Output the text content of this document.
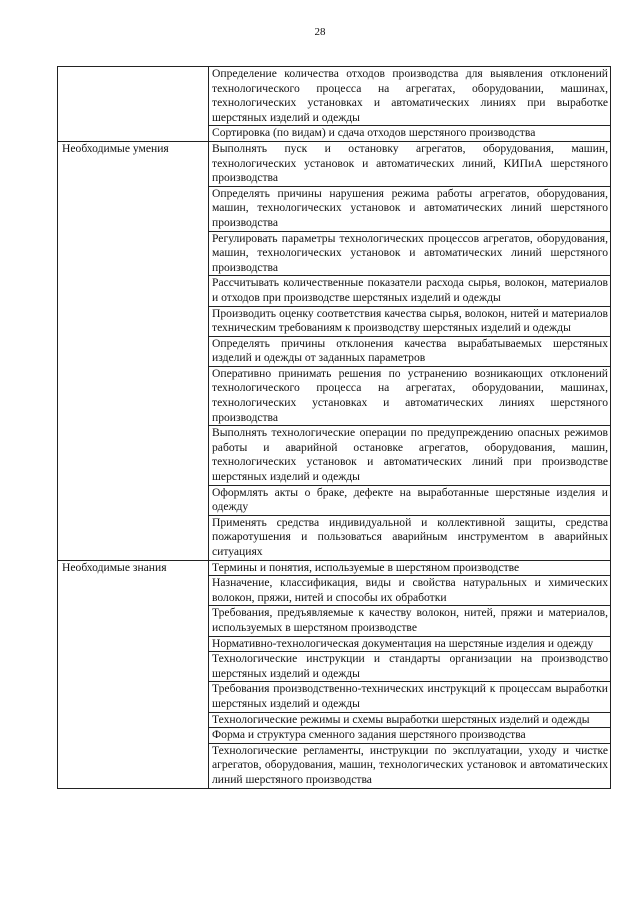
28
	Определение количества отходов производства для выявления отклонений технологического процесса на агрегатах, оборудовании, машинах, технологических установках и автоматических линиях при выработке шерстяных изделий и одежды
	Сортировка (по видам) и сдача отходов шерстяного производства
Необходимые умения	Выполнять пуск и остановку агрегатов, оборудования, машин, технологических установок и автоматических линий, КИПиА шерстяного производства
	Определять причины нарушения режима работы агрегатов, оборудования, машин, технологических установок и автоматических линий шерстяного производства
	Регулировать параметры технологических процессов агрегатов, оборудования, машин, технологических установок и автоматических линий шерстяного производства
	Рассчитывать количественные показатели расхода сырья, волокон, материалов и отходов при производстве шерстяных изделий и одежды
	Производить оценку соответствия качества сырья, волокон, нитей и материалов техническим требованиям к производству шерстяных изделий и одежды
	Определять причины отклонения качества вырабатываемых шерстяных изделий и одежды от заданных параметров
	Оперативно принимать решения по устранению возникающих отклонений технологического процесса на агрегатах, оборудовании, машинах, технологических установках и автоматических линиях шерстяного производства
	Выполнять технологические операции по предупреждению опасных режимов работы и аварийной остановке агрегатов, оборудования, машин, технологических установок и автоматических линий при производстве шерстяных изделий и одежды
	Оформлять акты о браке, дефекте на выработанные шерстяные изделия и одежду
	Применять средства индивидуальной и коллективной защиты, средства пожаротушения и пользоваться аварийным инструментом в аварийных ситуациях
Необходимые знания	Термины и понятия, используемые в шерстяном производстве
	Назначение, классификация, виды и свойства натуральных и химических волокон, пряжи, нитей и способы их обработки
	Требования, предъявляемые к качеству волокон, нитей, пряжи и материалов, используемых в шерстяном производстве
	Нормативно-технологическая документация на шерстяные изделия и одежду
	Технологические инструкции и стандарты организации на производство шерстяных изделий и одежды
	Требования производственно-технических инструкций к процессам выработки шерстяных изделий и одежды
	Технологические режимы и схемы выработки шерстяных изделий и одежды
	Форма и структура сменного задания шерстяного производства
	Технологические регламенты, инструкции по эксплуатации, уходу и чистке агрегатов, оборудования, машин, технологических установок и автоматических линий шерстяного производства
